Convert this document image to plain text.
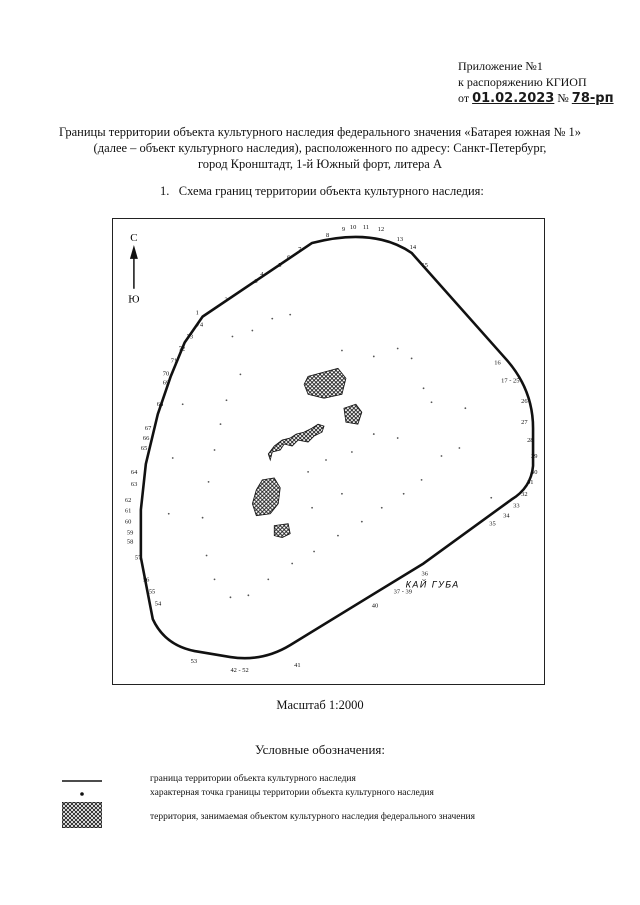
Приложение №1
к распоряжению КГИОП
от 01.02.2023 № 78-рп
Границы территории объекта культурного наследия федерального значения «Батарея южная № 1»
(далее – объект культурного наследия), расположенного по адресу: Санкт-Петербург,
город Кронштадт, 1-й Южный форт, литера А
1. Схема границ территории объекта культурного наследия:
С
Ю
1
2
3
4
5
6
7
8
9 10 11 12
13
14
15
16
17 - 25
26
27
28
29
30
31
32
33
34
35
36
37 - 39
40
41
42 - 52
53
54
55
56
57
58
59
60
61
62
63
64
65
66
67
68
69
70
71
72
73
74
КАЙ ГУБА
Масштаб 1:2000
Условные обозначения:
граница территории объекта культурного наследия
характерная точка границы территории объекта культурного наследия
территория, занимаемая объектом культурного наследия федерального значения
